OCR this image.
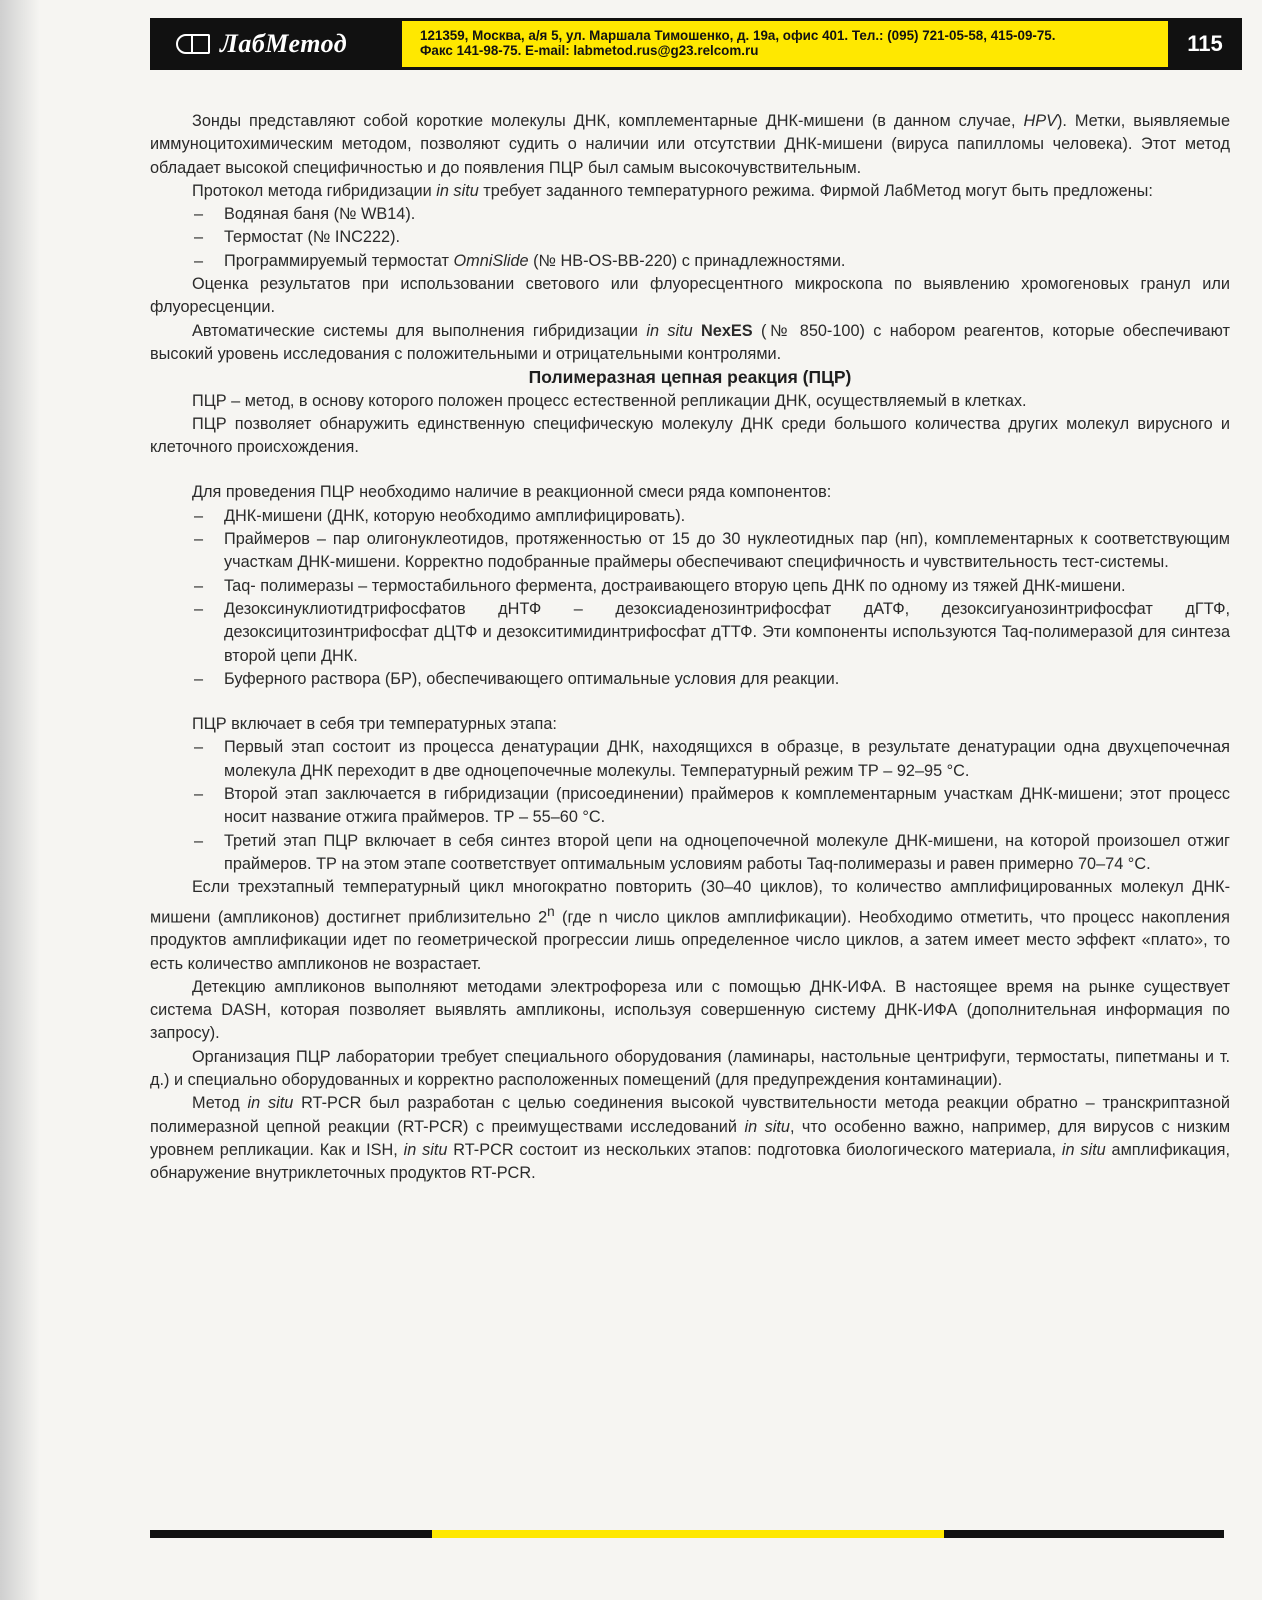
ЛабМетод	121359, Москва, а/я 5, ул. Маршала Тимошенко, д. 19а, офис 401. Тел.: (095) 721-05-58, 415-09-75.
Факс 141-98-75. E-mail: labmetod.rus@g23.relcom.ru	115

Зонды представляют собой короткие молекулы ДНК, комплементарные ДНК-мишени (в данном случае, HPV). Метки, выявляемые иммуноцитохимическим методом, позволяют судить о наличии или отсутствии ДНК-мишени (вируса папилломы человека). Этот метод обладает высокой специфичностью и до появления ПЦР был самым высокочувствительным.

Протокол метода гибридизации in situ требует заданного температурного режима. Фирмой ЛабМетод могут быть предложены:

– Водяная баня (№ WB14).
– Термостат (№ INC222).
– Программируемый термостат OmniSlide (№ HB-OS-BB-220) с принадлежностями.

Оценка результатов при использовании светового или флуоресцентного микроскопа по выявлению хромогеновых гранул или флуоресценции.

Автоматические системы для выполнения гибридизации in situ NexES (№ 850-100) с набором реагентов, которые обеспечивают высокий уровень исследования с положительными и отрицательными контролями.

Полимеразная цепная реакция (ПЦР)

ПЦР – метод, в основу которого положен процесс естественной репликации ДНК, осуществляемый в клетках.

ПЦР позволяет обнаружить единственную специфическую молекулу ДНК среди большого количества других молекул вирусного и клеточного происхождения.

Для проведения ПЦР необходимо наличие в реакционной смеси ряда компонентов:

– ДНК-мишени (ДНК, которую необходимо амплифицировать).
– Праймеров – пар олигонуклеотидов, протяженностью от 15 до 30 нуклеотидных пар (нп), комплементарных к соответствующим участкам ДНК-мишени. Корректно подобранные праймеры обеспечивают специфичность и чувствительность тест-системы.
– Taq- полимеразы – термостабильного фермента, достраивающего вторую цепь ДНК по одному из тяжей ДНК-мишени.
– Дезоксинуклиотидтрифосфатов дНТФ – дезоксиаденозинтрифосфат дАТФ, дезоксигуанозинтрифосфат дГТФ, дезоксицитозинтрифосфат дЦТФ и дезокситимидинтрифосфат дТТФ. Эти компоненты используются Taq-полимеразой для синтеза второй цепи ДНК.
– Буферного раствора (БР), обеспечивающего оптимальные условия для реакции.

ПЦР включает в себя три температурных этапа:

– Первый этап состоит из процесса денатурации ДНК, находящихся в образце, в результате денатурации одна двухцепочечная молекула ДНК переходит в две одноцепочечные молекулы. Температурный режим ТР – 92–95 °С.
– Второй этап заключается в гибридизации (присоединении) праймеров к комплементарным участкам ДНК-мишени; этот процесс носит название отжига праймеров. ТР – 55–60 °С.
– Третий этап ПЦР включает в себя синтез второй цепи на одноцепочечной молекуле ДНК-мишени, на которой произошел отжиг праймеров. ТР на этом этапе соответствует оптимальным условиям работы Taq-полимеразы и равен примерно 70–74 °С.

Если трехэтапный температурный цикл многократно повторить (30–40 циклов), то количество амплифицированных молекул ДНК-мишени (ампликонов) достигнет приблизительно 2$^n$ (где n число циклов амплификации). Необходимо отметить, что процесс накопления продуктов амплификации идет по геометрической прогрессии лишь определенное число циклов, а затем имеет место эффект «плато», то есть количество ампликонов не возрастает.

Детекцию ампликонов выполняют методами электрофореза или с помощью ДНК-ИФА. В настоящее время на рынке существует система DASH, которая позволяет выявлять ампликоны, используя совершенную систему ДНК-ИФА (дополнительная информация по запросу).

Организация ПЦР лаборатории требует специального оборудования (ламинары, настольные центрифуги, термостаты, пипетманы и т. д.) и специально оборудованных и корректно расположенных помещений (для предупреждения контаминации).

Метод in situ RT-PCR был разработан с целью соединения высокой чувствительности метода реакции обратно – транскриптазной полимеразной цепной реакции (RT-PCR) с преимуществами исследований in situ, что особенно важно, например, для вирусов с низким уровнем репликации. Как и ISH, in situ RT-PCR состоит из нескольких этапов: подготовка биологического материала, in situ амплификация, обнаружение внутриклеточных продуктов RT-PCR.
